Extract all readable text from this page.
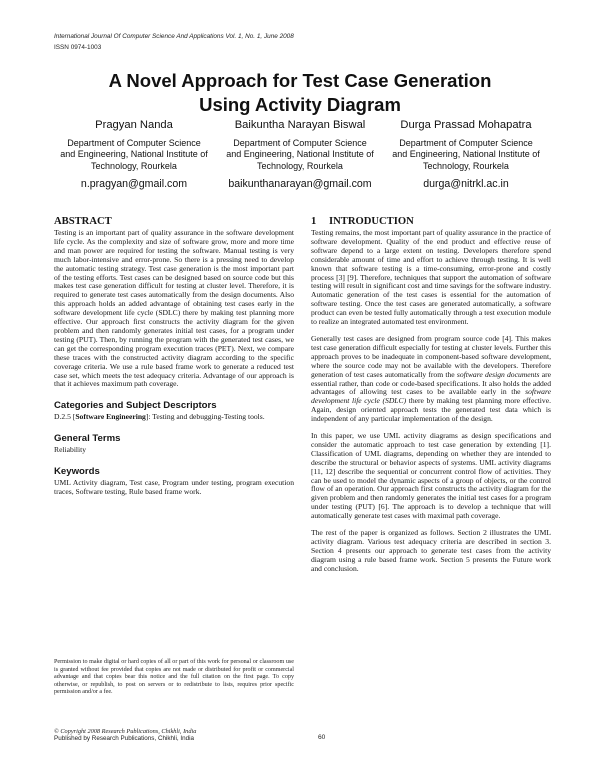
International Journal Of Computer Science And Applications Vol. 1, No. 1, June 2008
ISSN 0974-1003
A Novel Approach for Test Case Generation
Using Activity Diagram
Pragyan Nanda
Department of Computer Science
and Engineering, National Institute of
Technology, Rourkela
n.pragyan@gmail.com
Baikuntha Narayan Biswal
Department of Computer Science
and Engineering, National Institute of
Technology, Rourkela
baikunthanarayan@gmail.com
Durga Prassad Mohapatra
Department of Computer Science
and Engineering, National Institute of
Technology, Rourkela
durga@nitrkl.ac.in
ABSTRACT

Testing is an important part of quality assurance in the software development life cycle. As the complexity and size of software grow, more and more time and man power are required for testing the software. Manual testing is very much labor-intensive and error-prone. So there is a pressing need to develop the automatic testing strategy. Test case generation is the most important part of the testing efforts. Test cases can be designed based on source code but this makes test case generation difficult for testing at cluster level. Therefore, it is required to generate test cases automatically from the design documents. Also this approach holds an added advantage of obtaining test cases early in the software development life cycle (SDLC) there by making test planning more effective. Our approach first constructs the activity diagram for the given problem and then randomly generates initial test cases, for a program under testing (PUT). Then, by running the program with the generated test cases, we can get the corresponding program execution traces (PET). Next, we compare these traces with the constructed activity diagram according to the specific coverage criteria. We use a rule based frame work to generate a reduced test case set, which meets the test adequacy criteria. Advantage of our approach is that it achieves maximum path coverage.

Categories and Subject Descriptors

D.2.5 [Software Engineering]: Testing and debugging-Testing tools.

General Terms

Reliability

Keywords

UML Activity diagram, Test case, Program under testing, program execution traces, Software testing, Rule based frame work.

Permission to make digital or hard copies of all or part of this work for personal or classroom use is granted without fee provided that copies are not made or distributed for profit or commercial advantage and that copies bear this notice and the full citation on the first page. To copy otherwise, or republish, to post on servers or to redistribute to lists, requires prior specific permission and/or a fee.
1 INTRODUCTION

Testing remains, the most important part of quality assurance in the practice of software development. Quality of the end product and effective reuse of software depend to a large extent on testing. Developers therefore spend considerable amount of time and effort to achieve through testing. It is well known that software testing is a time-consuming, error-prone and costly process [3] [9]. Therefore, techniques that support the automation of software testing will result in significant cost and time savings for the software industry. Automatic generation of the test cases is essential for the automation of software testing. Once the test cases are generated automatically, a software product can even be tested fully automatically through a test execution module to realize an integrated automated test environment.

Generally test cases are designed from program source code [4]. This makes test case generation difficult especially for testing at cluster levels. Further this approach proves to be inadequate in component-based software development, where the source code may not be available with the developers. Therefore generation of test cases automatically from the software design documents are essential rather, than code or code-based specifications. It also holds the added advantages of allowing test cases to be available early in the software development life cycle (SDLC) there by making test planning more effective. Again, design oriented approach tests the generated test data which is independent of any particular implementation of the design.

In this paper, we use UML activity diagrams as design specifications and consider the automatic approach to test case generation by extending [1]. Classification of UML diagrams, depending on whether they are intended to describe the structural or behavior aspects of systems. UML activity diagrams [11, 12] describe the sequential or concurrent control flow of activities. They can be used to model the dynamic aspects of a group of objects, or the control flow of an operation. Our approach first constructs the activity diagram for the given problem and then randomly generates the initial test cases for a program under testing (PUT) [6]. The approach is to develop a technique that will automatically generate test cases with maximal path coverage.

The rest of the paper is organized as follows. Section 2 illustrates the UML activity diagram. Various test adequacy criteria are described in section 3. Section 4 presents our approach to generate test cases from the activity diagram using a rule based frame work. Section 5 presents the Future work and conclusion.

© Copyright 2008 Research Publications, Chikhli, India
Published by Research Publications, Chikhli, India	60
